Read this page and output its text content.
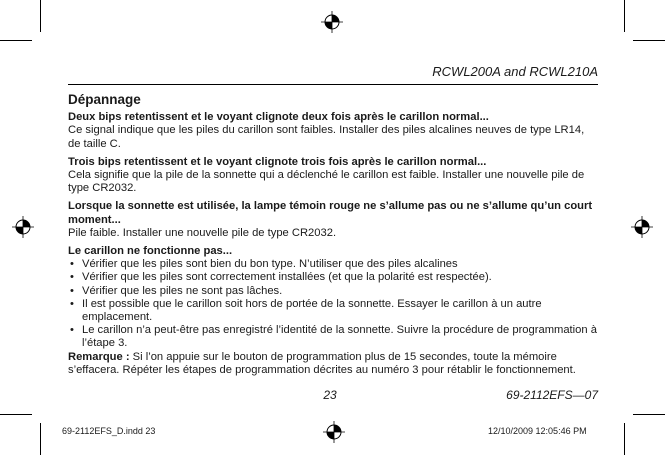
RCWL200A and RCWL210A
Dépannage

Deux bips retentissent et le voyant clignote deux fois après le carillon normal...

Ce signal indique que les piles du carillon sont faibles. Installer des piles alcalines neuves de type LR14, de taille C.

Trois bips retentissent et le voyant clignote trois fois après le carillon normal...

Cela signifie que la pile de la sonnette qui a déclenché le carillon est faible. Installer une nouvelle pile de type CR2032.

Lorsque la sonnette est utilisée, la lampe témoin rouge ne s’allume pas ou ne s’allume qu’un court moment...

Pile faible. Installer une nouvelle pile de type CR2032.

Le carillon ne fonctionne pas...

• Vérifier que les piles sont bien du bon type. N’utiliser que des piles alcalines
• Vérifier que les piles sont correctement installées (et que la polarité est respectée).
• Vérifier que les piles ne sont pas lâches.
• Il est possible que le carillon soit hors de portée de la sonnette. Essayer le carillon à un autre emplacement.
• Le carillon n’a peut-être pas enregistré l’identité de la sonnette. Suivre la procédure de programmation à l’étape 3.

Remarque : Si l’on appuie sur le bouton de programmation plus de 15 secondes, toute la mémoire s’effacera. Répéter les étapes de programmation décrites au numéro 3 pour rétablir le fonctionnement.

23	69-2112EFS—07
69-2112EFS_D.indd 23	12/10/2009 12:05:46 PM
